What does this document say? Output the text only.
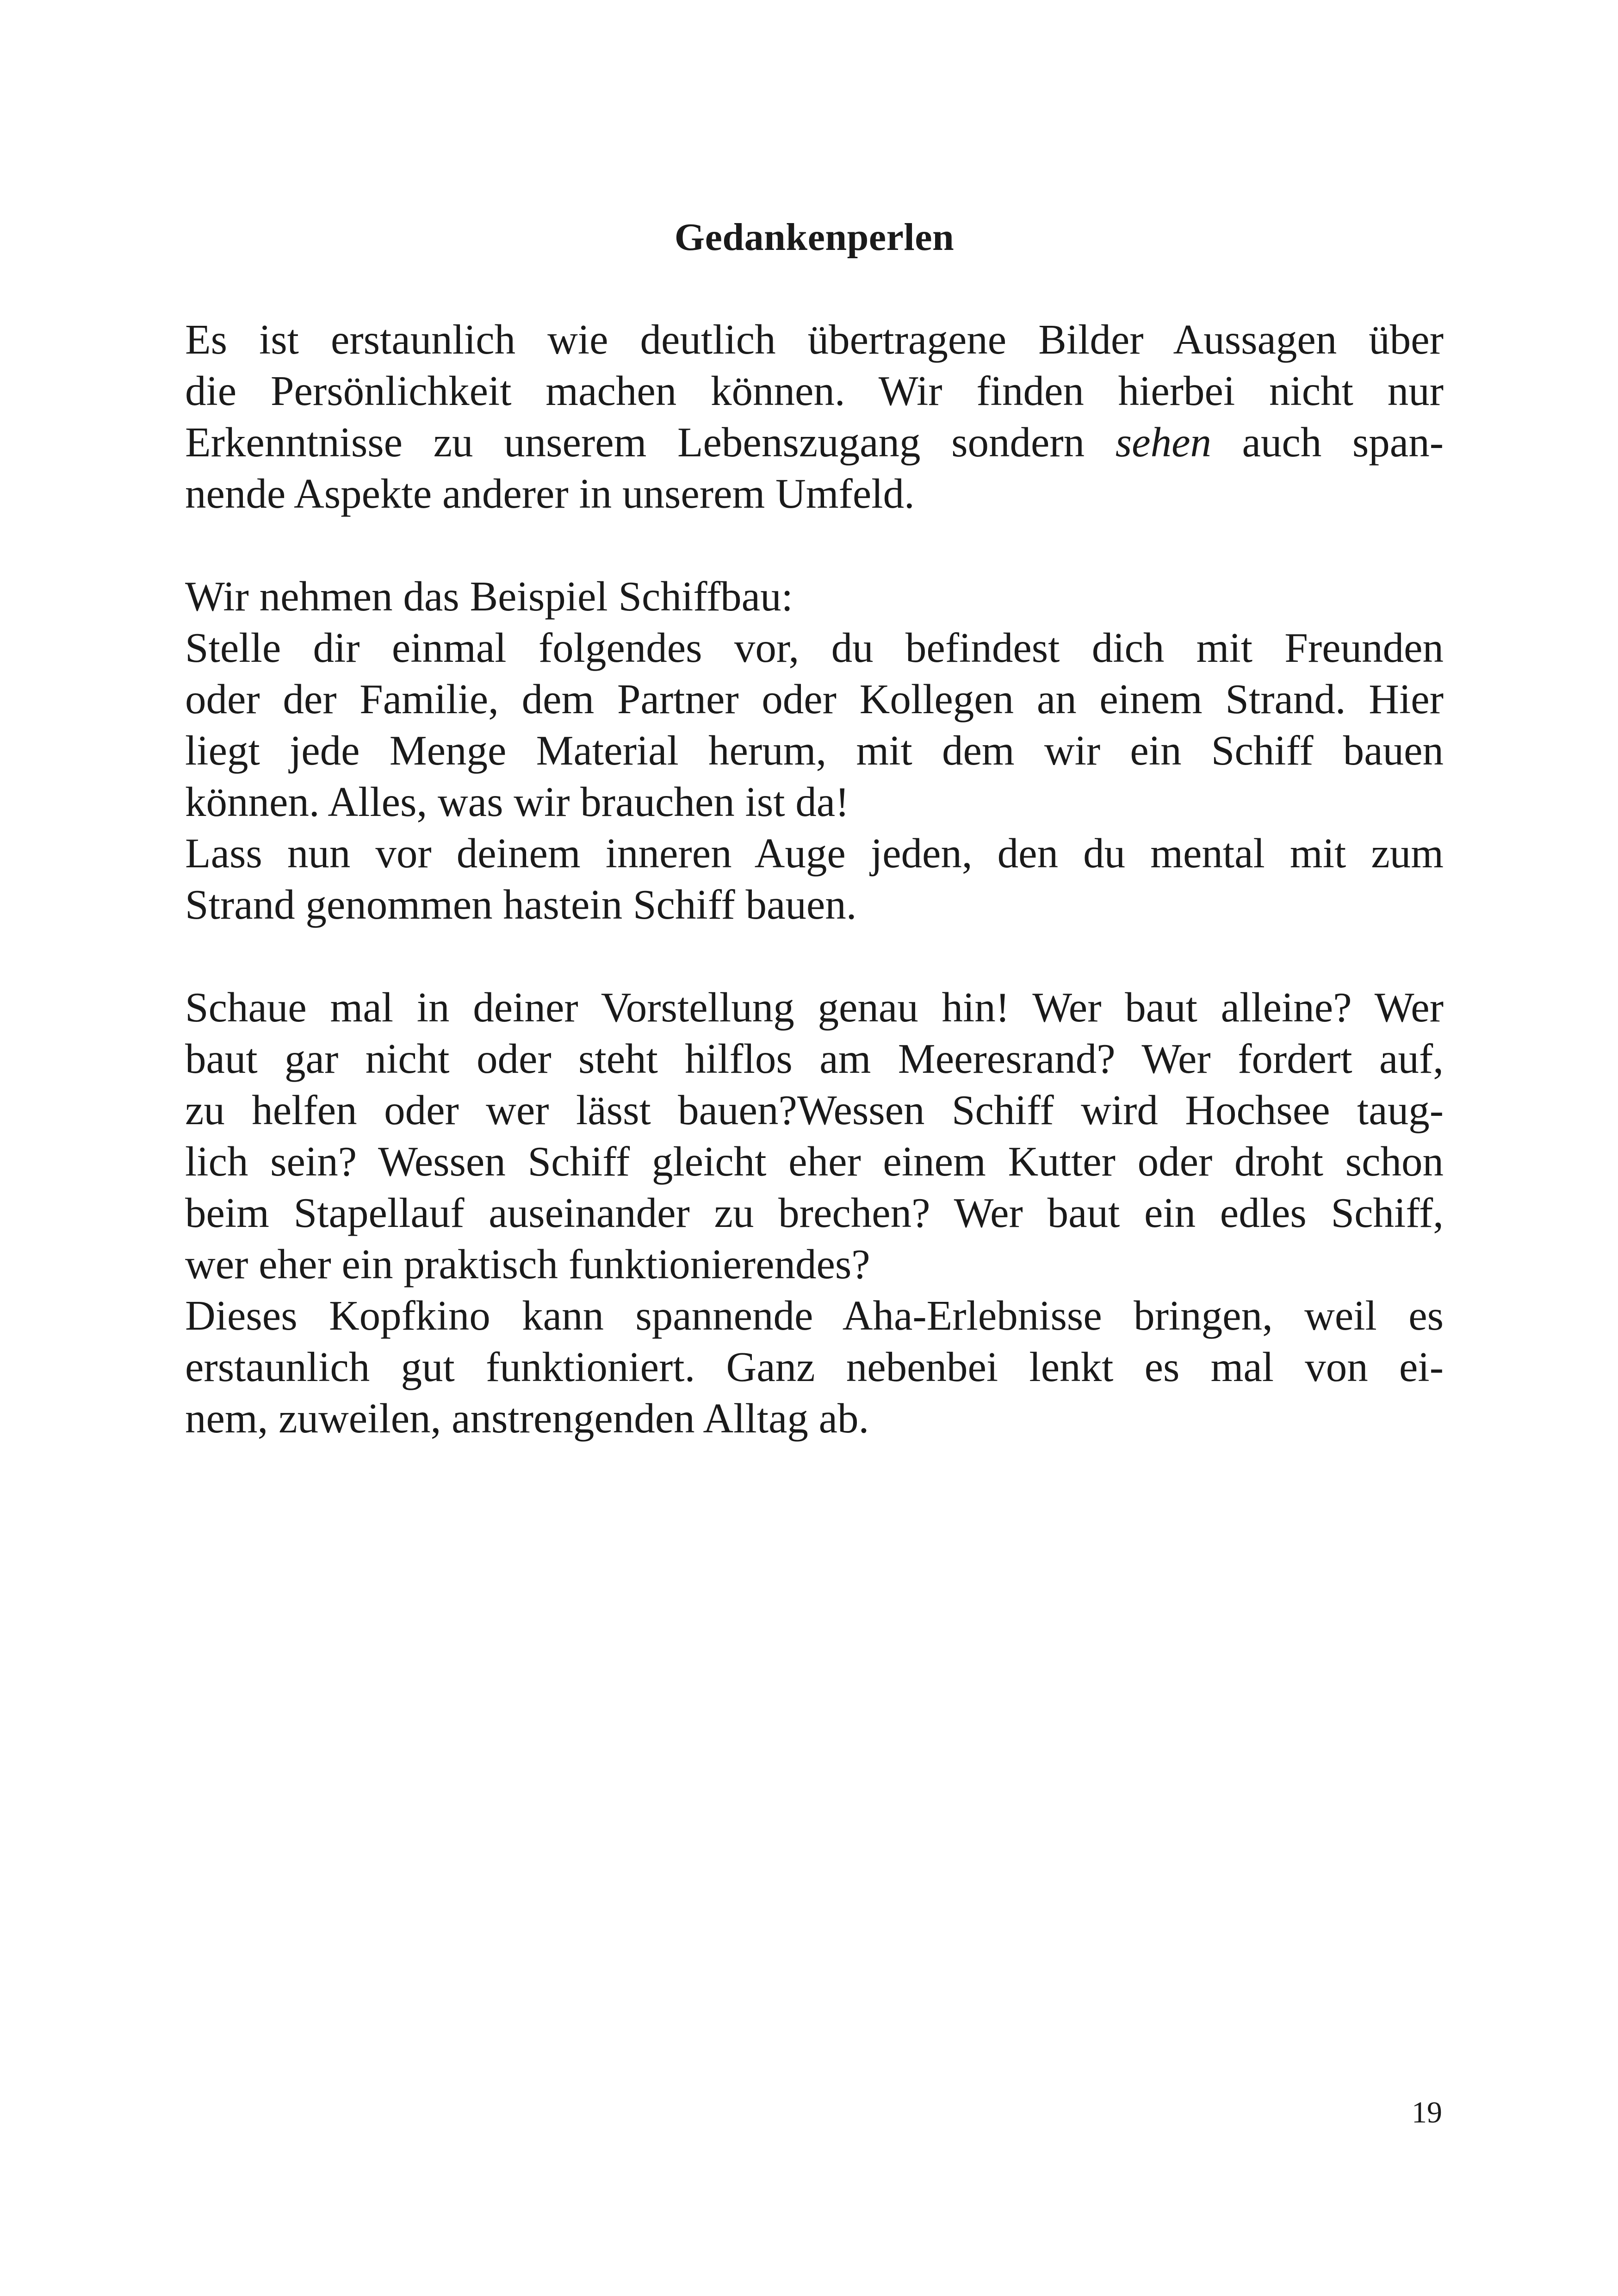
Gedankenperlen
Es ist erstaunlich wie deutlich übertragene Bilder Aussagen über
die Persönlichkeit machen können. Wir finden hierbei nicht nur
Erkenntnisse zu unserem Lebenszugang sondern sehen auch span-
nende Aspekte anderer in unserem Umfeld.
Wir nehmen das Beispiel Schiffbau:
Stelle dir einmal folgendes vor, du befindest dich mit Freunden
oder der Familie, dem Partner oder Kollegen an einem Strand. Hier
liegt jede Menge Material herum, mit dem wir ein Schiff bauen
können. Alles, was wir brauchen ist da!
Lass nun vor deinem inneren Auge jeden, den du mental mit zum
Strand genommen hastein Schiff bauen.
Schaue mal in deiner Vorstellung genau hin! Wer baut alleine? Wer
baut gar nicht oder steht hilflos am Meeresrand? Wer fordert auf,
zu helfen oder wer lässt bauen?Wessen Schiff wird Hochsee taug-
lich sein? Wessen Schiff gleicht eher einem Kutter oder droht schon
beim Stapellauf auseinander zu brechen? Wer baut ein edles Schiff,
wer eher ein praktisch funktionierendes?
Dieses Kopfkino kann spannende Aha-Erlebnisse bringen, weil es
erstaunlich gut funktioniert. Ganz nebenbei lenkt es mal von ei-
nem, zuweilen, anstrengenden Alltag ab.
19
